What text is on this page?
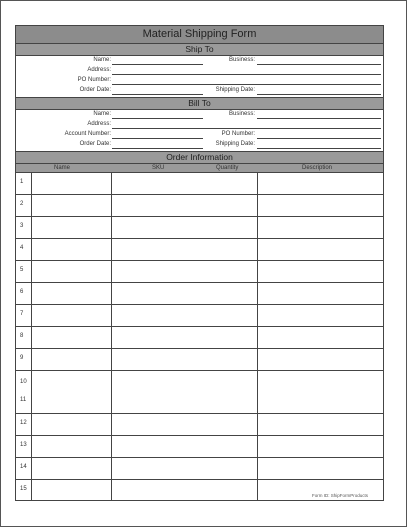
Material Shipping Form
Ship To
Name:	Business:
Address:
PO Number:
Order Date:	Shipping Date:
Bill To
Name:	Business:
Address:
Account Number:	PO Number:
Order Date:	Shipping Date:
Order Information
Name	SKU	Quantity	Description
1
2
3
4
5
6
7
8
9
10
11
12
13
14
15
Form ID: ShipFormProducts
